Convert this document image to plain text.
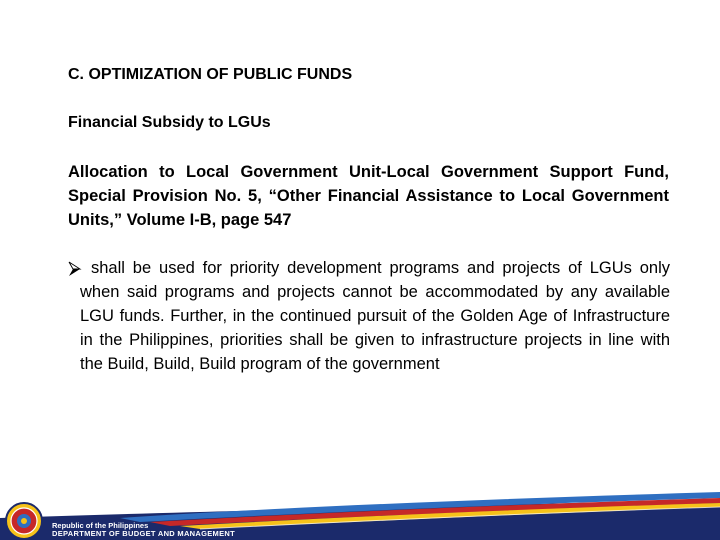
C. OPTIMIZATION OF PUBLIC FUNDS
Financial Subsidy to LGUs

Allocation to Local Government Unit-Local Government Support Fund, Special Provision No. 5, “Other Financial Assistance to Local Government Units,” Volume I-B, page 547

shall be used for priority development programs and projects of LGUs only when said programs and projects cannot be accommodated by any available LGU funds. Further, in the continued pursuit of the Golden Age of Infrastructure in the Philippines, priorities shall be given to infrastructure projects in line with the Build, Build, Build program of the government

Republic of the Philippines
DEPARTMENT OF BUDGET AND MANAGEMENT
